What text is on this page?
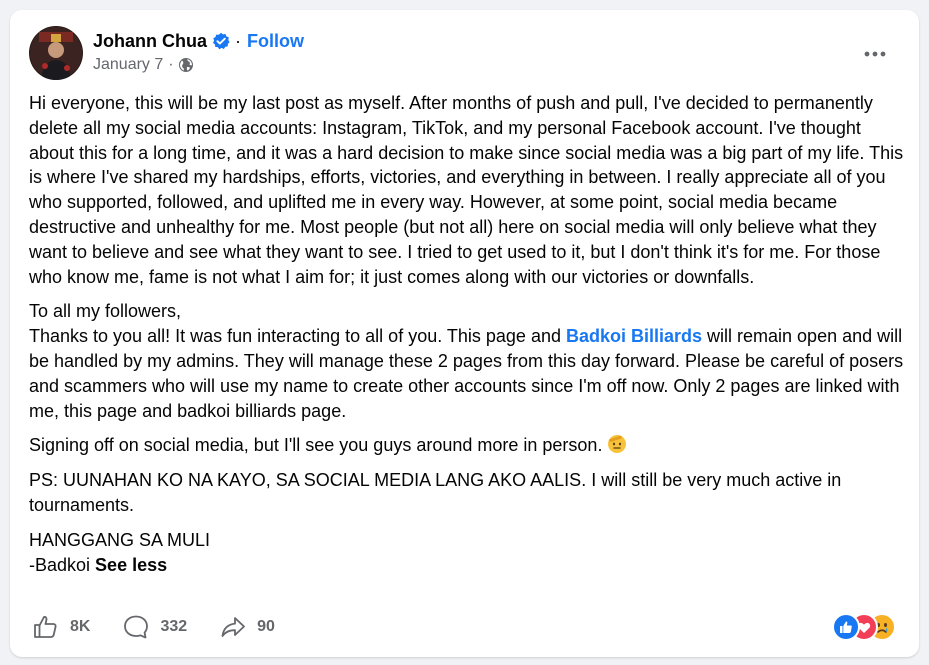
Johann Chua · Follow
January 7 ·

Hi everyone, this will be my last post as myself. After months of push and pull, I've decided to permanently delete all my social media accounts: Instagram, TikTok, and my personal Facebook account. I've thought about this for a long time, and it was a hard decision to make since social media was a big part of my life. This is where I've shared my hardships, efforts, victories, and everything in between. I really appreciate all of you who supported, followed, and uplifted me in every way. However, at some point, social media became destructive and unhealthy for me. Most people (but not all) here on social media will only believe what they want to believe and see what they want to see. I tried to get used to it, but I don't think it's for me. For those who know me, fame is not what I aim for; it just comes along with our victories or downfalls.

To all my followers,
Thanks to you all! It was fun interacting to all of you. This page and Badkoi Billiards will remain open and will be handled by my admins. They will manage these 2 pages from this day forward. Please be careful of posers and scammers who will use my name to create other accounts since I'm off now. Only 2 pages are linked with me, this page and badkoi billiards page.

Signing off on social media, but I'll see you guys around more in person.

PS: UUNAHAN KO NA KAYO, SA SOCIAL MEDIA LANG AKO AALIS. I will still be very much active in tournaments.

HANGGANG SA MULI
-Badkoi See less

8K	332	90
